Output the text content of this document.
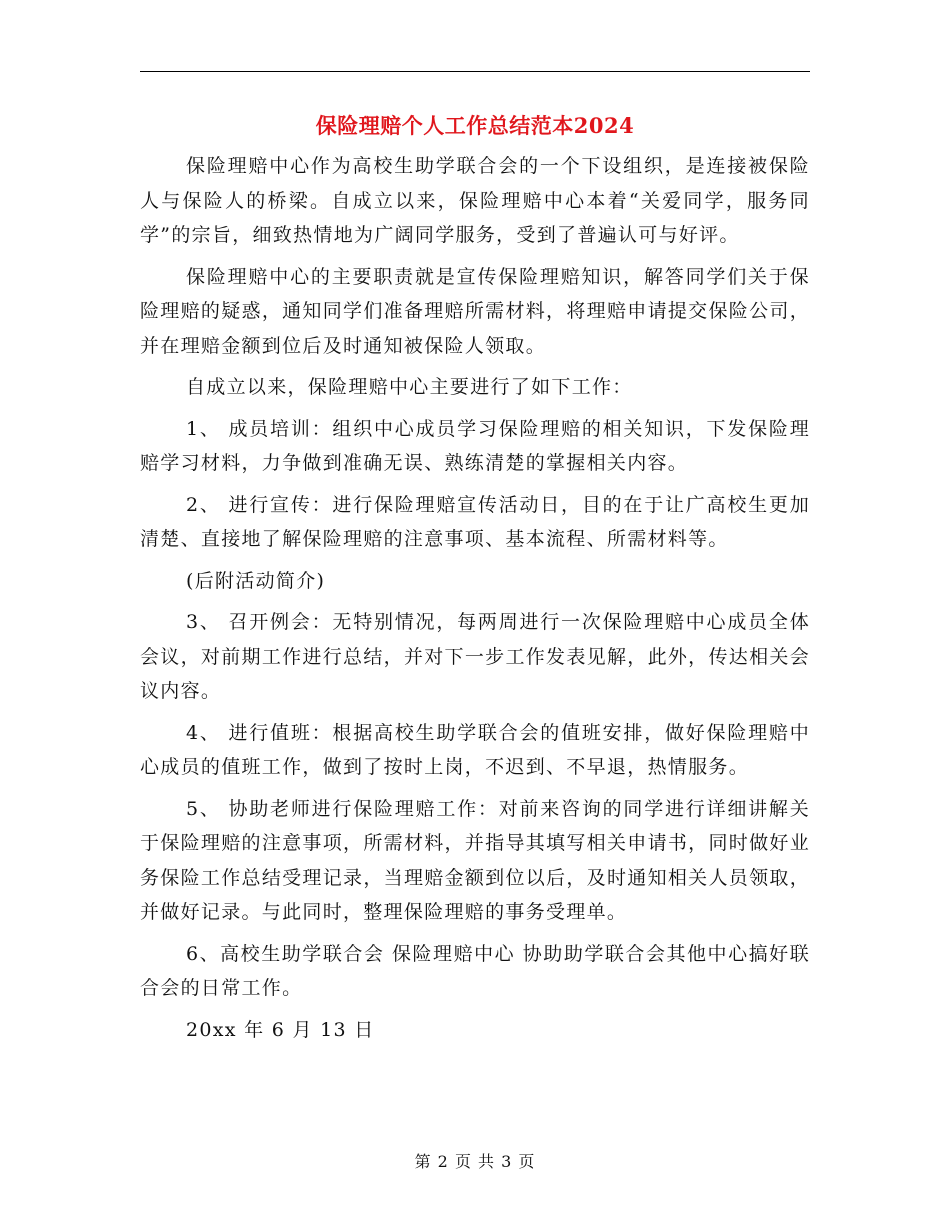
保险理赔个人工作总结范本2024

保险理赔中心作为高校生助学联合会的一个下设组织，是连接被保险人与保险人的桥梁。自成立以来，保险理赔中心本着“关爱同学，服务同学”的宗旨，细致热情地为广阔同学服务，受到了普遍认可与好评。

保险理赔中心的主要职责就是宣传保险理赔知识，解答同学们关于保险理赔的疑惑，通知同学们准备理赔所需材料，将理赔申请提交保险公司，并在理赔金额到位后及时通知被保险人领取。

自成立以来，保险理赔中心主要进行了如下工作：

1、 成员培训：组织中心成员学习保险理赔的相关知识，下发保险理赔学习材料，力争做到准确无误、熟练清楚的掌握相关内容。

2、 进行宣传：进行保险理赔宣传活动日，目的在于让广高校生更加清楚、直接地了解保险理赔的注意事项、基本流程、所需材料等。

(后附活动简介)

3、 召开例会：无特别情况，每两周进行一次保险理赔中心成员全体会议，对前期工作进行总结，并对下一步工作发表见解，此外，传达相关会议内容。

4、 进行值班：根据高校生助学联合会的值班安排，做好保险理赔中心成员的值班工作，做到了按时上岗，不迟到、不早退，热情服务。

5、 协助老师进行保险理赔工作：对前来咨询的同学进行详细讲解关于保险理赔的注意事项，所需材料，并指导其填写相关申请书，同时做好业务保险工作总结受理记录，当理赔金额到位以后，及时通知相关人员领取，并做好记录。与此同时，整理保险理赔的事务受理单。

6、高校生助学联合会 保险理赔中心 协助助学联合会其他中心搞好联合会的日常工作。

20xx 年 6 月 13 日

第 2 页 共 3 页
